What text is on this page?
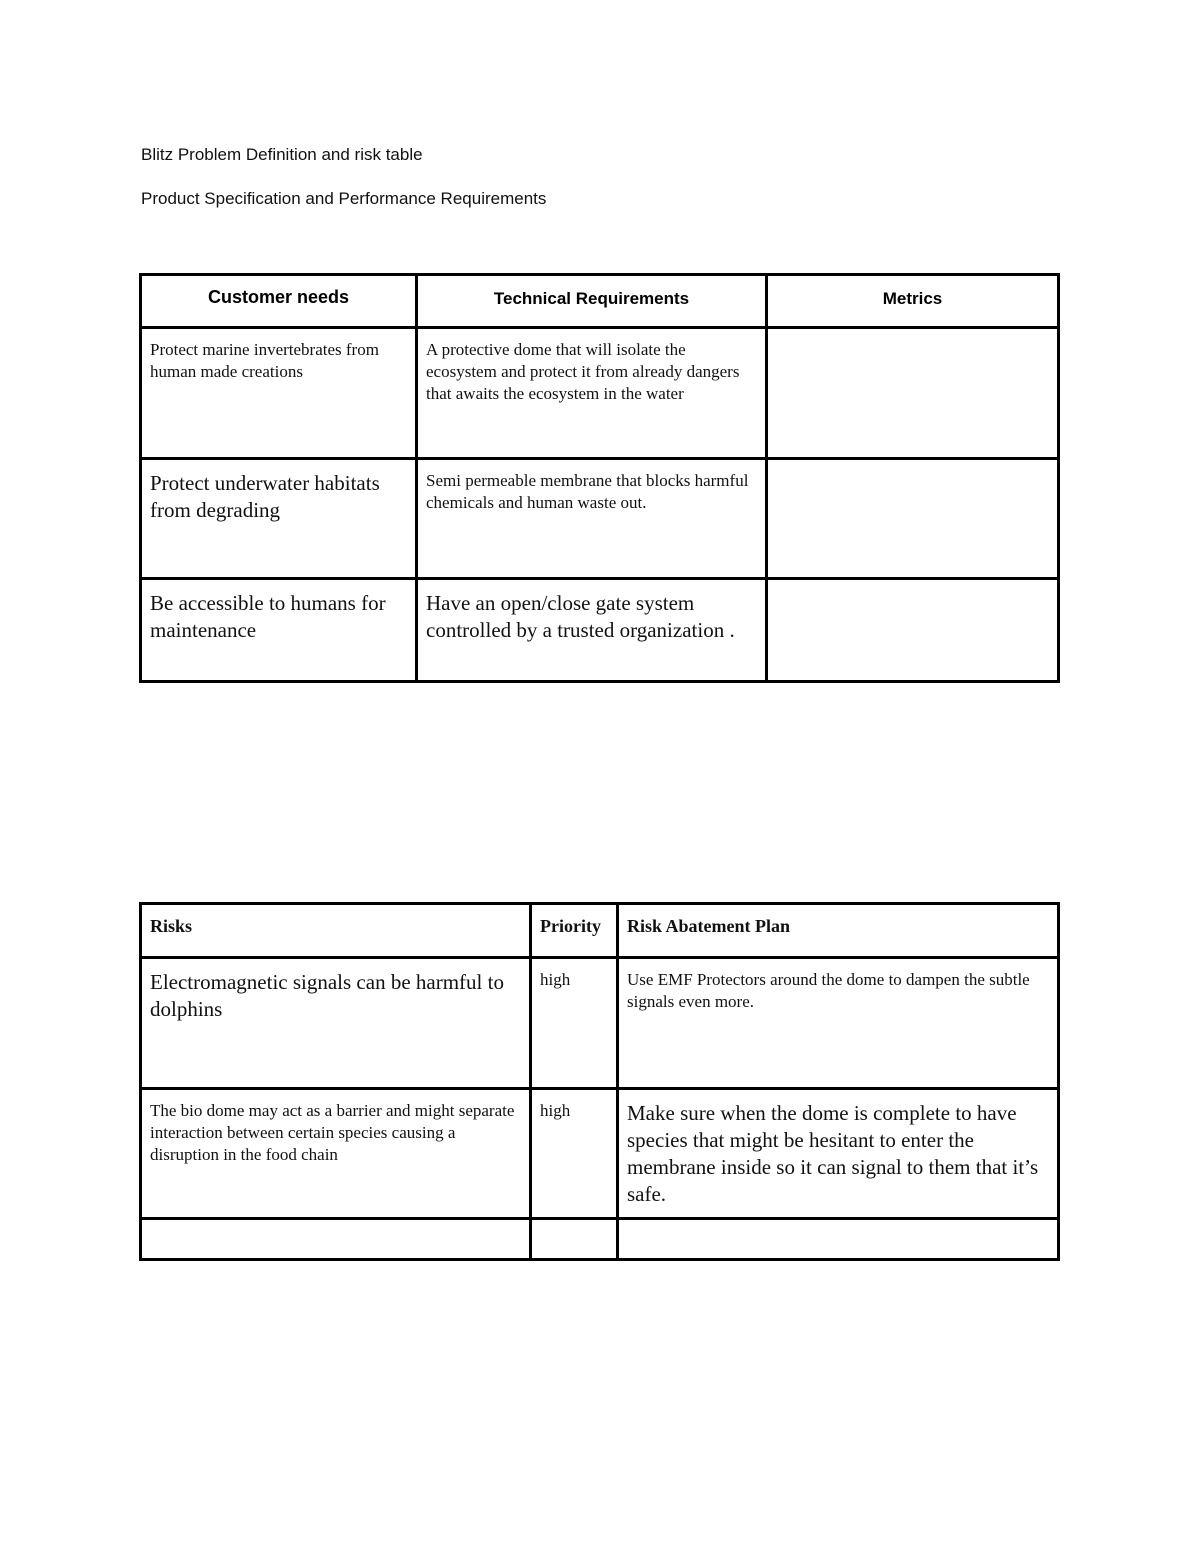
Blitz Problem Definition and risk table
Product Specification and Performance Requirements
Customer needs	Technical Requirements	Metrics

Protect marine invertebrates from human made creations	A protective dome that will isolate the ecosystem and protect it from already dangers that awaits the ecosystem in the water	

Protect underwater habitats from degrading	Semi permeable membrane that blocks harmful chemicals and human waste out.	

Be accessible to humans for maintenance	Have an open/close gate system controlled by a trusted organization .	

Risks	Priority	Risk Abatement Plan

Electromagnetic signals can be harmful to dolphins	high	Use EMF Protectors around the dome to dampen the subtle signals even more.

The bio dome may act as a barrier and might separate interaction between certain species causing a disruption in the food chain	high	Make sure when the dome is complete to have species that might be hesitant to enter the membrane inside so it can signal to them that it’s safe.
